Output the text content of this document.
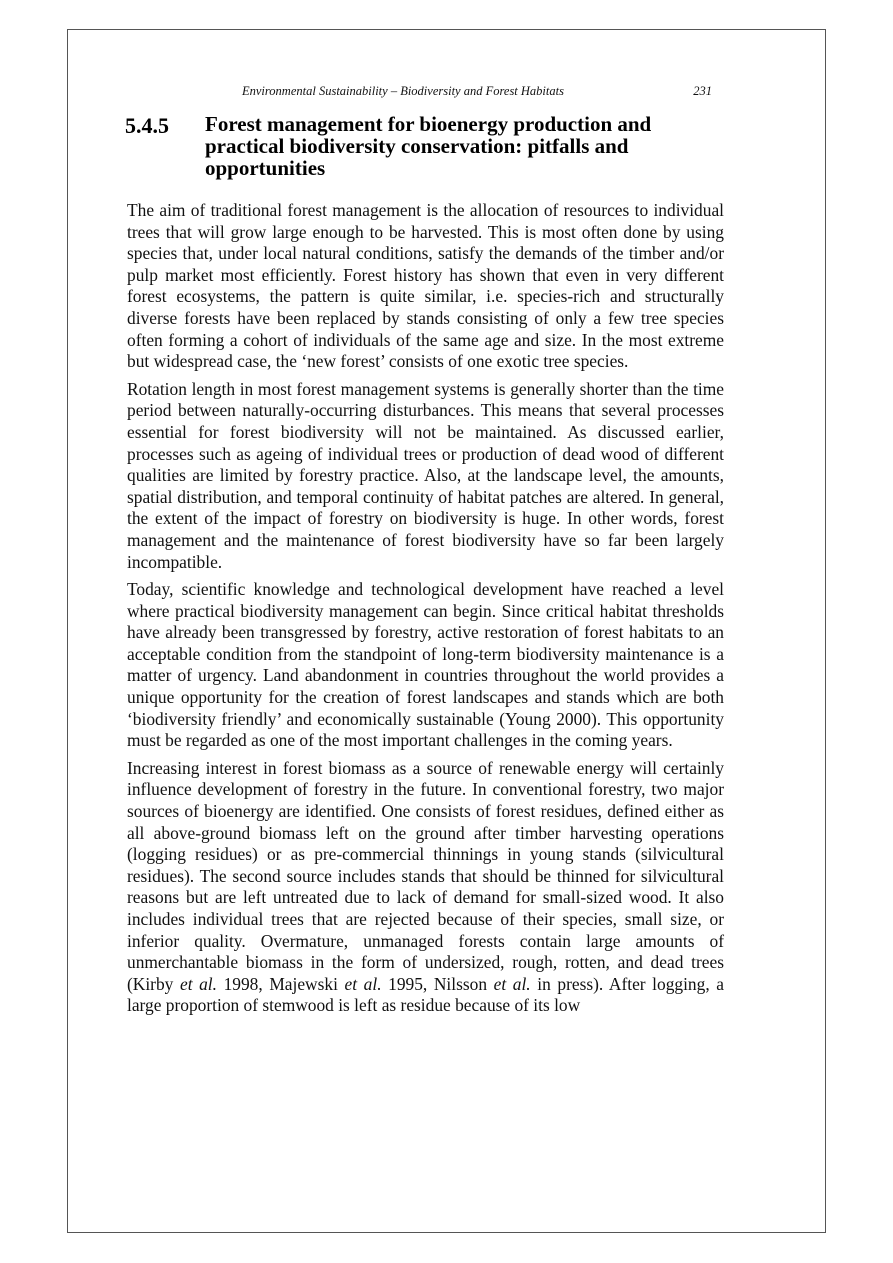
Environmental Sustainability – Biodiversity and Forest Habitats	231
5.4.5 Forest management for bioenergy production and practical biodiversity conservation: pitfalls and opportunities

The aim of traditional forest management is the allocation of resources to individual trees that will grow large enough to be harvested. This is most often done by using species that, under local natural conditions, satisfy the demands of the timber and/or pulp market most efficiently. Forest history has shown that even in very different forest ecosystems, the pattern is quite similar, i.e. species-rich and structurally diverse forests have been replaced by stands consisting of only a few tree species often forming a cohort of individuals of the same age and size. In the most extreme but widespread case, the ‘new forest’ consists of one exotic tree species.

Rotation length in most forest management systems is generally shorter than the time period between naturally-occurring disturbances. This means that several processes essential for forest biodiversity will not be maintained. As discussed earlier, processes such as ageing of individual trees or production of dead wood of different qualities are limited by forestry practice. Also, at the landscape level, the amounts, spatial distribution, and temporal continuity of habitat patches are altered. In general, the extent of the impact of forestry on biodiversity is huge. In other words, forest management and the maintenance of forest biodiversity have so far been largely incompatible.

Today, scientific knowledge and technological development have reached a level where practical biodiversity management can begin. Since critical habitat thresholds have already been transgressed by forestry, active restoration of forest habitats to an acceptable condition from the standpoint of long-term biodiversity maintenance is a matter of urgency. Land abandonment in countries throughout the world provides a unique opportunity for the creation of forest landscapes and stands which are both ‘biodiversity friendly’ and economically sustainable (Young 2000). This opportunity must be regarded as one of the most important challenges in the coming years.

Increasing interest in forest biomass as a source of renewable energy will certainly influence development of forestry in the future. In conventional forestry, two major sources of bioenergy are identified. One consists of forest residues, defined either as all above-ground biomass left on the ground after timber harvesting operations (logging residues) or as pre-commercial thinnings in young stands (silvicultural residues). The second source includes stands that should be thinned for silvicultural reasons but are left untreated due to lack of demand for small-sized wood. It also includes individual trees that are rejected because of their species, small size, or inferior quality. Overmature, unmanaged forests contain large amounts of unmerchantable biomass in the form of undersized, rough, rotten, and dead trees (Kirby et al. 1998, Majewski et al. 1995, Nilsson et al. in press). After logging, a large proportion of stemwood is left as residue because of its low
